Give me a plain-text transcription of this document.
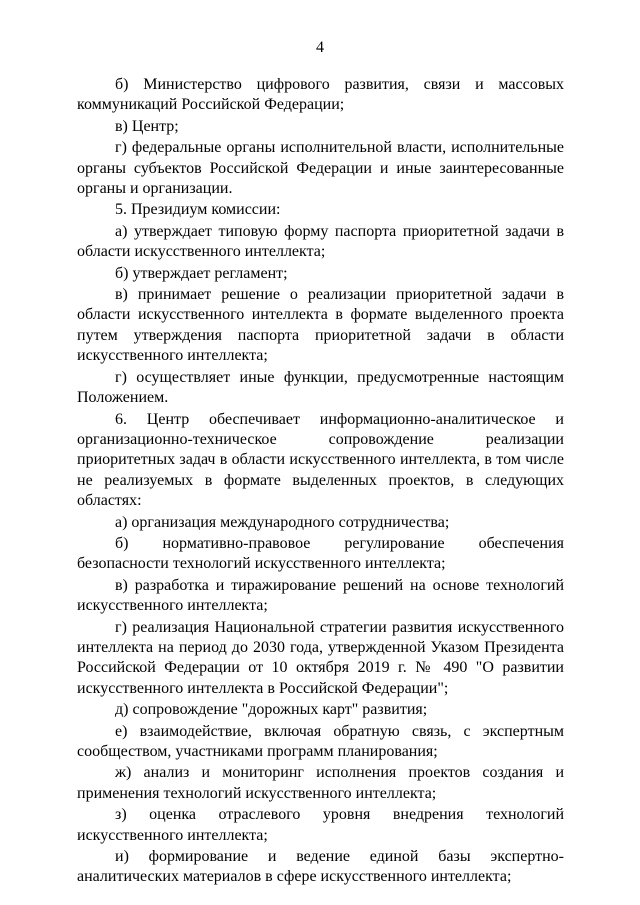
4

б) Министерство цифрового развития, связи и массовых коммуникаций Российской Федерации;

в) Центр;

г) федеральные органы исполнительной власти, исполнительные органы субъектов Российской Федерации и иные заинтересованные органы и организации.

5. Президиум комиссии:

а) утверждает типовую форму паспорта приоритетной задачи в области искусственного интеллекта;

б) утверждает регламент;

в) принимает решение о реализации приоритетной задачи в области искусственного интеллекта в формате выделенного проекта путем утверждения паспорта приоритетной задачи в области искусственного интеллекта;

г) осуществляет иные функции, предусмотренные настоящим Положением.

6. Центр обеспечивает информационно-аналитическое и организационно-техническое сопровождение реализации приоритетных задач в области искусственного интеллекта, в том числе не реализуемых в формате выделенных проектов, в следующих областях:

а) организация международного сотрудничества;

б) нормативно-правовое регулирование обеспечения безопасности технологий искусственного интеллекта;

в) разработка и тиражирование решений на основе технологий искусственного интеллекта;

г) реализация Национальной стратегии развития искусственного интеллекта на период до 2030 года, утвержденной Указом Президента Российской Федерации от 10 октября 2019 г. № 490 "О развитии искусственного интеллекта в Российской Федерации";

д) сопровождение "дорожных карт" развития;

е) взаимодействие, включая обратную связь, с экспертным сообществом, участниками программ планирования;

ж) анализ и мониторинг исполнения проектов создания и применения технологий искусственного интеллекта;

з) оценка отраслевого уровня внедрения технологий искусственного интеллекта;

и) формирование и ведение единой базы экспертно-аналитических материалов в сфере искусственного интеллекта;
